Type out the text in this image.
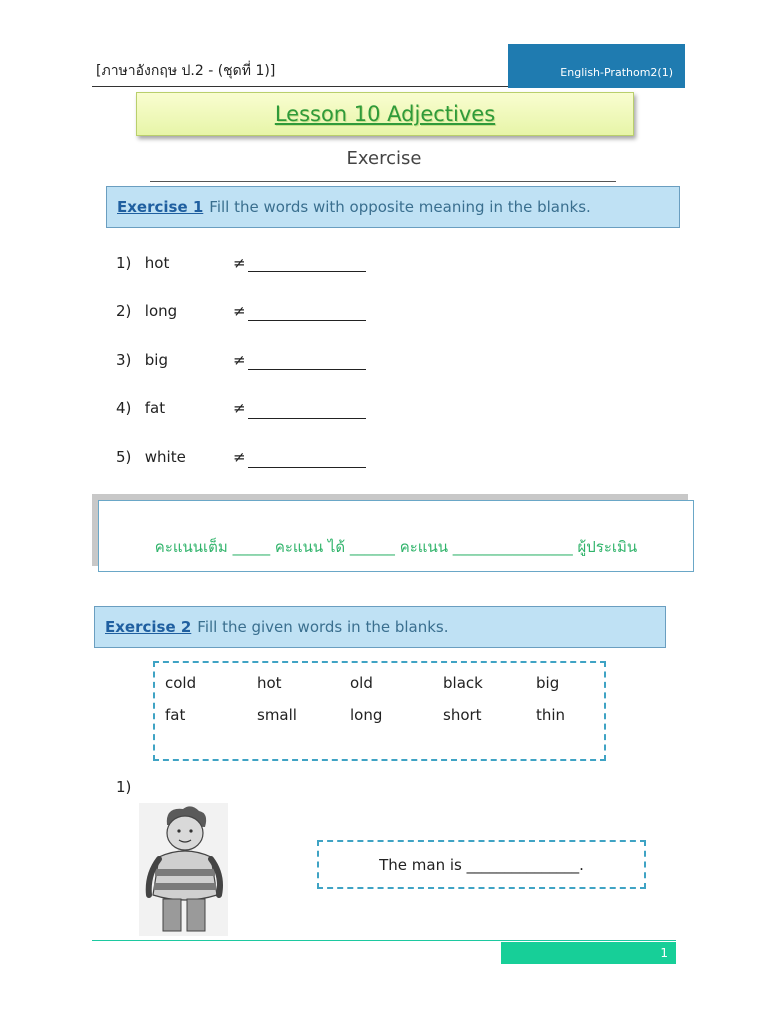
[ภาษาอังกฤษ ป.2 - (ชุดที่ 1)]	English-Prathom2(1)
Lesson 10 Adjectives
Exercise
Exercise 1 Fill the words with opposite meaning in the blanks.
1) hot	≠
2) long	≠
3) big	≠
4) fat	≠
5) white	≠
คะแนนเต็ม _____ คะแนน ได้ ______ คะแนน ________________ ผู้ประเมิน
Exercise 2 Fill the given words in the blanks.
cold	hot	old	black	big
fat	small	long	short	thin
1)
The man is _______________.
1
